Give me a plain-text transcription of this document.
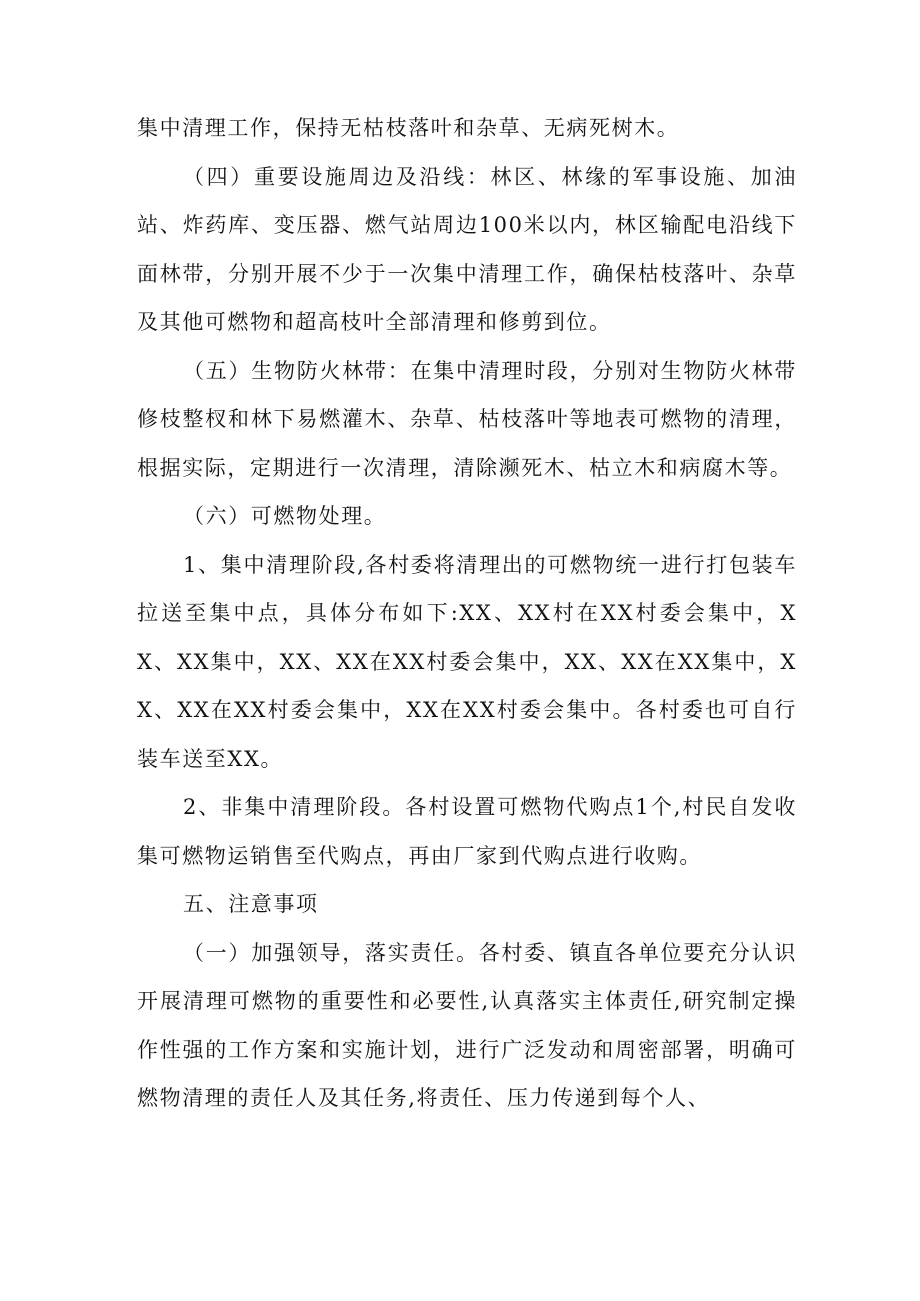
集中清理工作，保持无枯枝落叶和杂草、无病死树木。

（四）重要设施周边及沿线：林区、林缘的军事设施、加油站、炸药库、变压器、燃气站周边100米以内，林区输配电沿线下面林带，分别开展不少于一次集中清理工作，确保枯枝落叶、杂草及其他可燃物和超高枝叶全部清理和修剪到位。

（五）生物防火林带：在集中清理时段，分别对生物防火林带修枝整杈和林下易燃灌木、杂草、枯枝落叶等地表可燃物的清理，根据实际，定期进行一次清理，清除濒死木、枯立木和病腐木等。

（六）可燃物处理。

1、集中清理阶段,各村委将清理出的可燃物统一进行打包装车拉送至集中点，具体分布如下:XX、XX村在XX村委会集中，XX、XX集中，XX、XX在XX村委会集中，XX、XX在XX集中，XX、XX在XX村委会集中，XX在XX村委会集中。各村委也可自行装车送至XX。

2、非集中清理阶段。各村设置可燃物代购点1个,村民自发收集可燃物运销售至代购点，再由厂家到代购点进行收购。

五、注意事项

（一）加强领导，落实责任。各村委、镇直各单位要充分认识开展清理可燃物的重要性和必要性,认真落实主体责任,研究制定操作性强的工作方案和实施计划，进行广泛发动和周密部署，明确可燃物清理的责任人及其任务,将责任、压力传递到每个人、
